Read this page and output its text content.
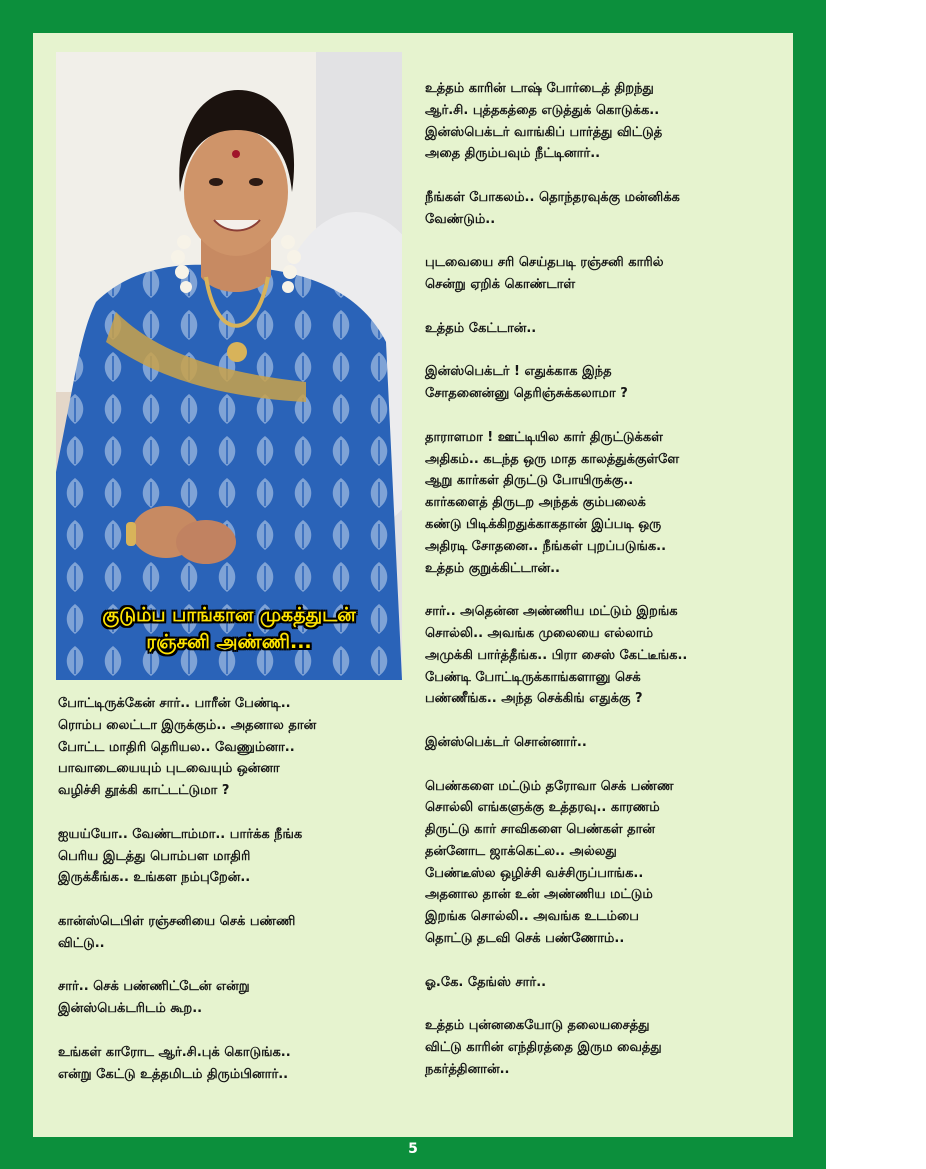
குடும்ப பாங்கான முகத்துடன்
ரஞ்சனி அண்ணி...

போட்டிருக்கேன் சார்.. பாரீன் பேண்டி..
ரொம்ப லைட்டா இருக்கும்.. அதனால தான்
போட்ட மாதிரி தெரியல.. வேணும்னா..
பாவாடையையும் புடவையும் ஒன்னா
வழிச்சி தூக்கி காட்டட்டுமா ?

ஐயய்யோ.. வேண்டாம்மா.. பார்க்க நீங்க
பெரிய இடத்து பொம்பள மாதிரி
இருக்கீங்க.. உங்கள நம்புறேன்..

கான்ஸ்டெபிள் ரஞ்சனியை செக் பண்ணி
விட்டு..

சார்.. செக் பண்ணிட்டேன் என்று
இன்ஸ்பெக்டரிடம் கூற..

உங்கள் காரோட ஆர்.சி.புக் கொடுங்க..
என்று கேட்டு உத்தமிடம் திரும்பினார்..

உத்தம் காரின் டாஷ் போர்டைத் திறந்து
ஆர்.சி. புத்தகத்தை எடுத்துக் கொடுக்க..
இன்ஸ்பெக்டர் வாங்கிப் பார்த்து விட்டுத்
அதை திரும்பவும் நீட்டினார்..

நீங்கள் போகலம்.. தொந்தரவுக்கு மன்னிக்க
வேண்டும்..

புடவையை சரி செய்தபடி ரஞ்சனி காரில்
சென்று ஏறிக் கொண்டாள்

உத்தம் கேட்டான்..

இன்ஸ்பெக்டர் ! எதுக்காக இந்த
சோதனைன்னு தெரிஞ்சுக்கலாமா ?

தாராளமா ! ஊட்டியில கார் திருட்டுக்கள்
அதிகம்.. கடந்த ஒரு மாத காலத்துக்குள்ளே
ஆறு கார்கள் திருட்டு போயிருக்கு..
கார்களைத் திருடற அந்தக் கும்பலைக்
கண்டு பிடிக்கிறதுக்காகதான் இப்படி ஒரு
அதிரடி சோதனை.. நீங்கள் புறப்படுங்க..
உத்தம் குறுக்கிட்டான்..

சார்.. அதென்ன அண்ணிய மட்டும் இறங்க
சொல்லி.. அவங்க முலையை எல்லாம்
அமுக்கி பார்த்தீங்க.. பிரா சைஸ் கேட்டீங்க..
பேண்டி போட்டிருக்காங்களானு செக்
பண்ணீங்க.. அந்த செக்கிங் எதுக்கு ?

இன்ஸ்பெக்டர் சொன்னார்..

பெண்களை மட்டும் தரோவா செக் பண்ண
சொல்லி எங்களுக்கு உத்தரவு.. காரணம்
திருட்டு கார் சாவிகளை பெண்கள் தான்
தன்னோட ஜாக்கெட்ல.. அல்லது
பேண்டீஸ்ல ஒழிச்சி வச்சிருப்பாங்க..
அதனால தான் உன் அண்ணிய மட்டும்
இறங்க சொல்லி.. அவங்க உடம்பை
தொட்டு தடவி செக் பண்ணோம்..

ஓ.கே. தேங்ஸ் சார்..

உத்தம் புன்னகையோடு தலையசைத்து
விட்டு காரின் எந்திரத்தை இரும வைத்து
நகர்த்தினான்..

5
